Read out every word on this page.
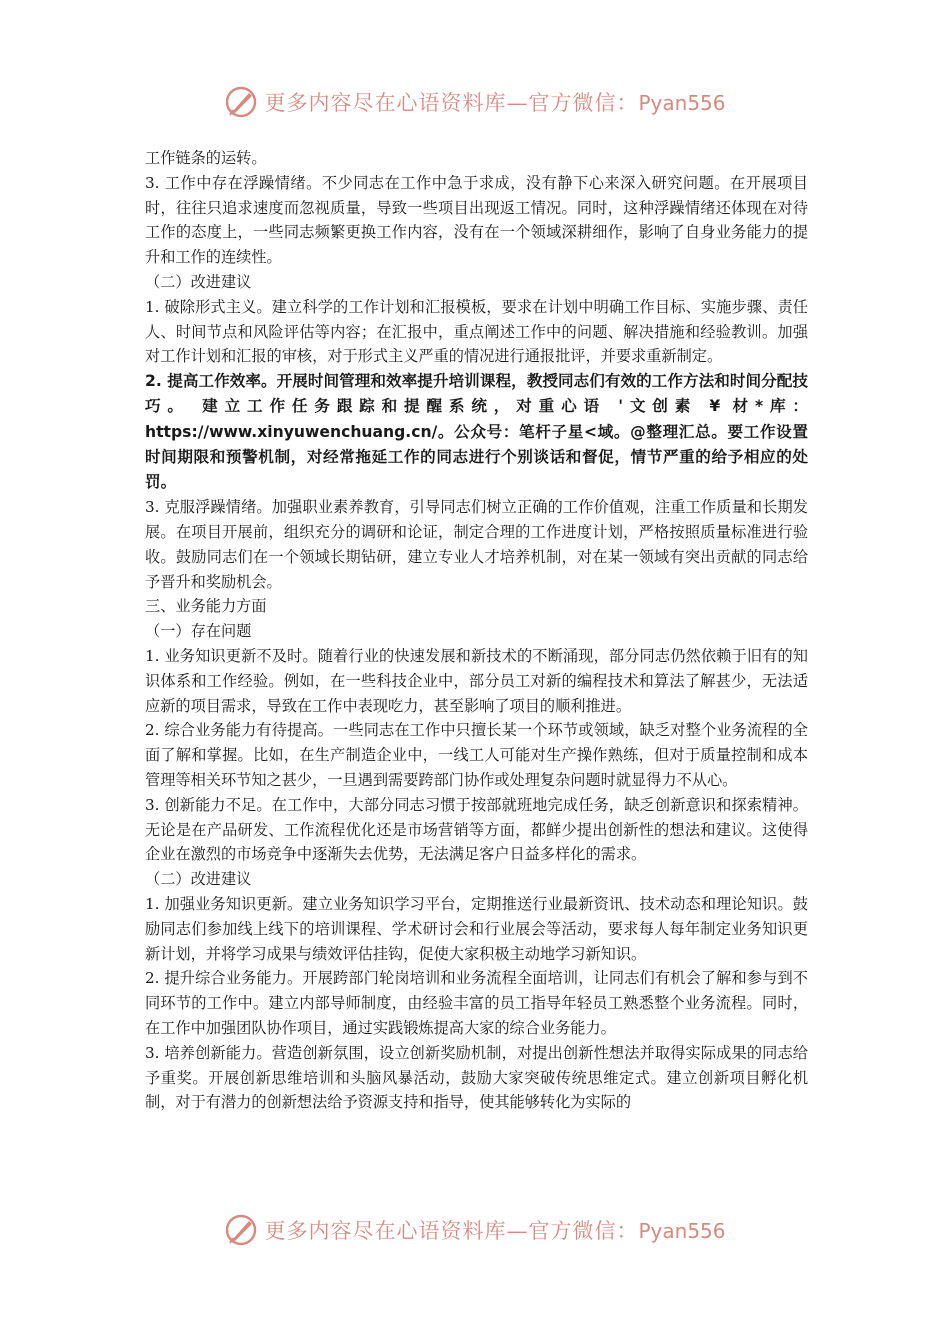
更多内容尽在心语资料库—官方微信：Pyan556

工作链条的运转。

3. 工作中存在浮躁情绪。不少同志在工作中急于求成，没有静下心来深入研究问题。在开展项目时，往往只追求速度而忽视质量，导致一些项目出现返工情况。同时，这种浮躁情绪还体现在对待工作的态度上，一些同志频繁更换工作内容，没有在一个领域深耕细作，影响了自身业务能力的提升和工作的连续性。

（二）改进建议

1. 破除形式主义。建立科学的工作计划和汇报模板，要求在计划中明确工作目标、实施步骤、责任人、时间节点和风险评估等内容；在汇报中，重点阐述工作中的问题、解决措施和经验教训。加强对工作计划和汇报的审核，对于形式主义严重的情况进行通报批评，并要求重新制定。

2. 提高工作效率。开展时间管理和效率提升培训课程，教授同志们有效的工作方法和时间分配技巧。 建立工作任务跟踪和提醒系统，对重心语 '文创素 ¥ 材*库： https://www.xinyuwenchuang.cn/。公众号：笔杆子星<域。@整理汇总。要工作设置时间期限和预警机制，对经常拖延工作的同志进行个别谈话和督促，情节严重的给予相应的处罚。

3. 克服浮躁情绪。加强职业素养教育，引导同志们树立正确的工作价值观，注重工作质量和长期发展。在项目开展前，组织充分的调研和论证，制定合理的工作进度计划，严格按照质量标准进行验收。鼓励同志们在一个领域长期钻研，建立专业人才培养机制，对在某一领域有突出贡献的同志给予晋升和奖励机会。

三、业务能力方面

（一）存在问题

1. 业务知识更新不及时。随着行业的快速发展和新技术的不断涌现，部分同志仍然依赖于旧有的知识体系和工作经验。例如，在一些科技企业中，部分员工对新的编程技术和算法了解甚少，无法适应新的项目需求，导致在工作中表现吃力，甚至影响了项目的顺利推进。

2. 综合业务能力有待提高。一些同志在工作中只擅长某一个环节或领域，缺乏对整个业务流程的全面了解和掌握。比如，在生产制造企业中，一线工人可能对生产操作熟练，但对于质量控制和成本管理等相关环节知之甚少，一旦遇到需要跨部门协作或处理复杂问题时就显得力不从心。

3. 创新能力不足。在工作中，大部分同志习惯于按部就班地完成任务，缺乏创新意识和探索精神。无论是在产品研发、工作流程优化还是市场营销等方面，都鲜少提出创新性的想法和建议。这使得企业在激烈的市场竞争中逐渐失去优势，无法满足客户日益多样化的需求。

（二）改进建议

1. 加强业务知识更新。建立业务知识学习平台，定期推送行业最新资讯、技术动态和理论知识。鼓励同志们参加线上线下的培训课程、学术研讨会和行业展会等活动，要求每人每年制定业务知识更新计划，并将学习成果与绩效评估挂钩，促使大家积极主动地学习新知识。

2. 提升综合业务能力。开展跨部门轮岗培训和业务流程全面培训，让同志们有机会了解和参与到不同环节的工作中。建立内部导师制度，由经验丰富的员工指导年轻员工熟悉整个业务流程。同时，在工作中加强团队协作项目，通过实践锻炼提高大家的综合业务能力。

3. 培养创新能力。营造创新氛围，设立创新奖励机制，对提出创新性想法并取得实际成果的同志给予重奖。开展创新思维培训和头脑风暴活动，鼓励大家突破传统思维定式。建立创新项目孵化机制，对于有潜力的创新想法给予资源支持和指导，使其能够转化为实际的

更多内容尽在心语资料库—官方微信：Pyan556
